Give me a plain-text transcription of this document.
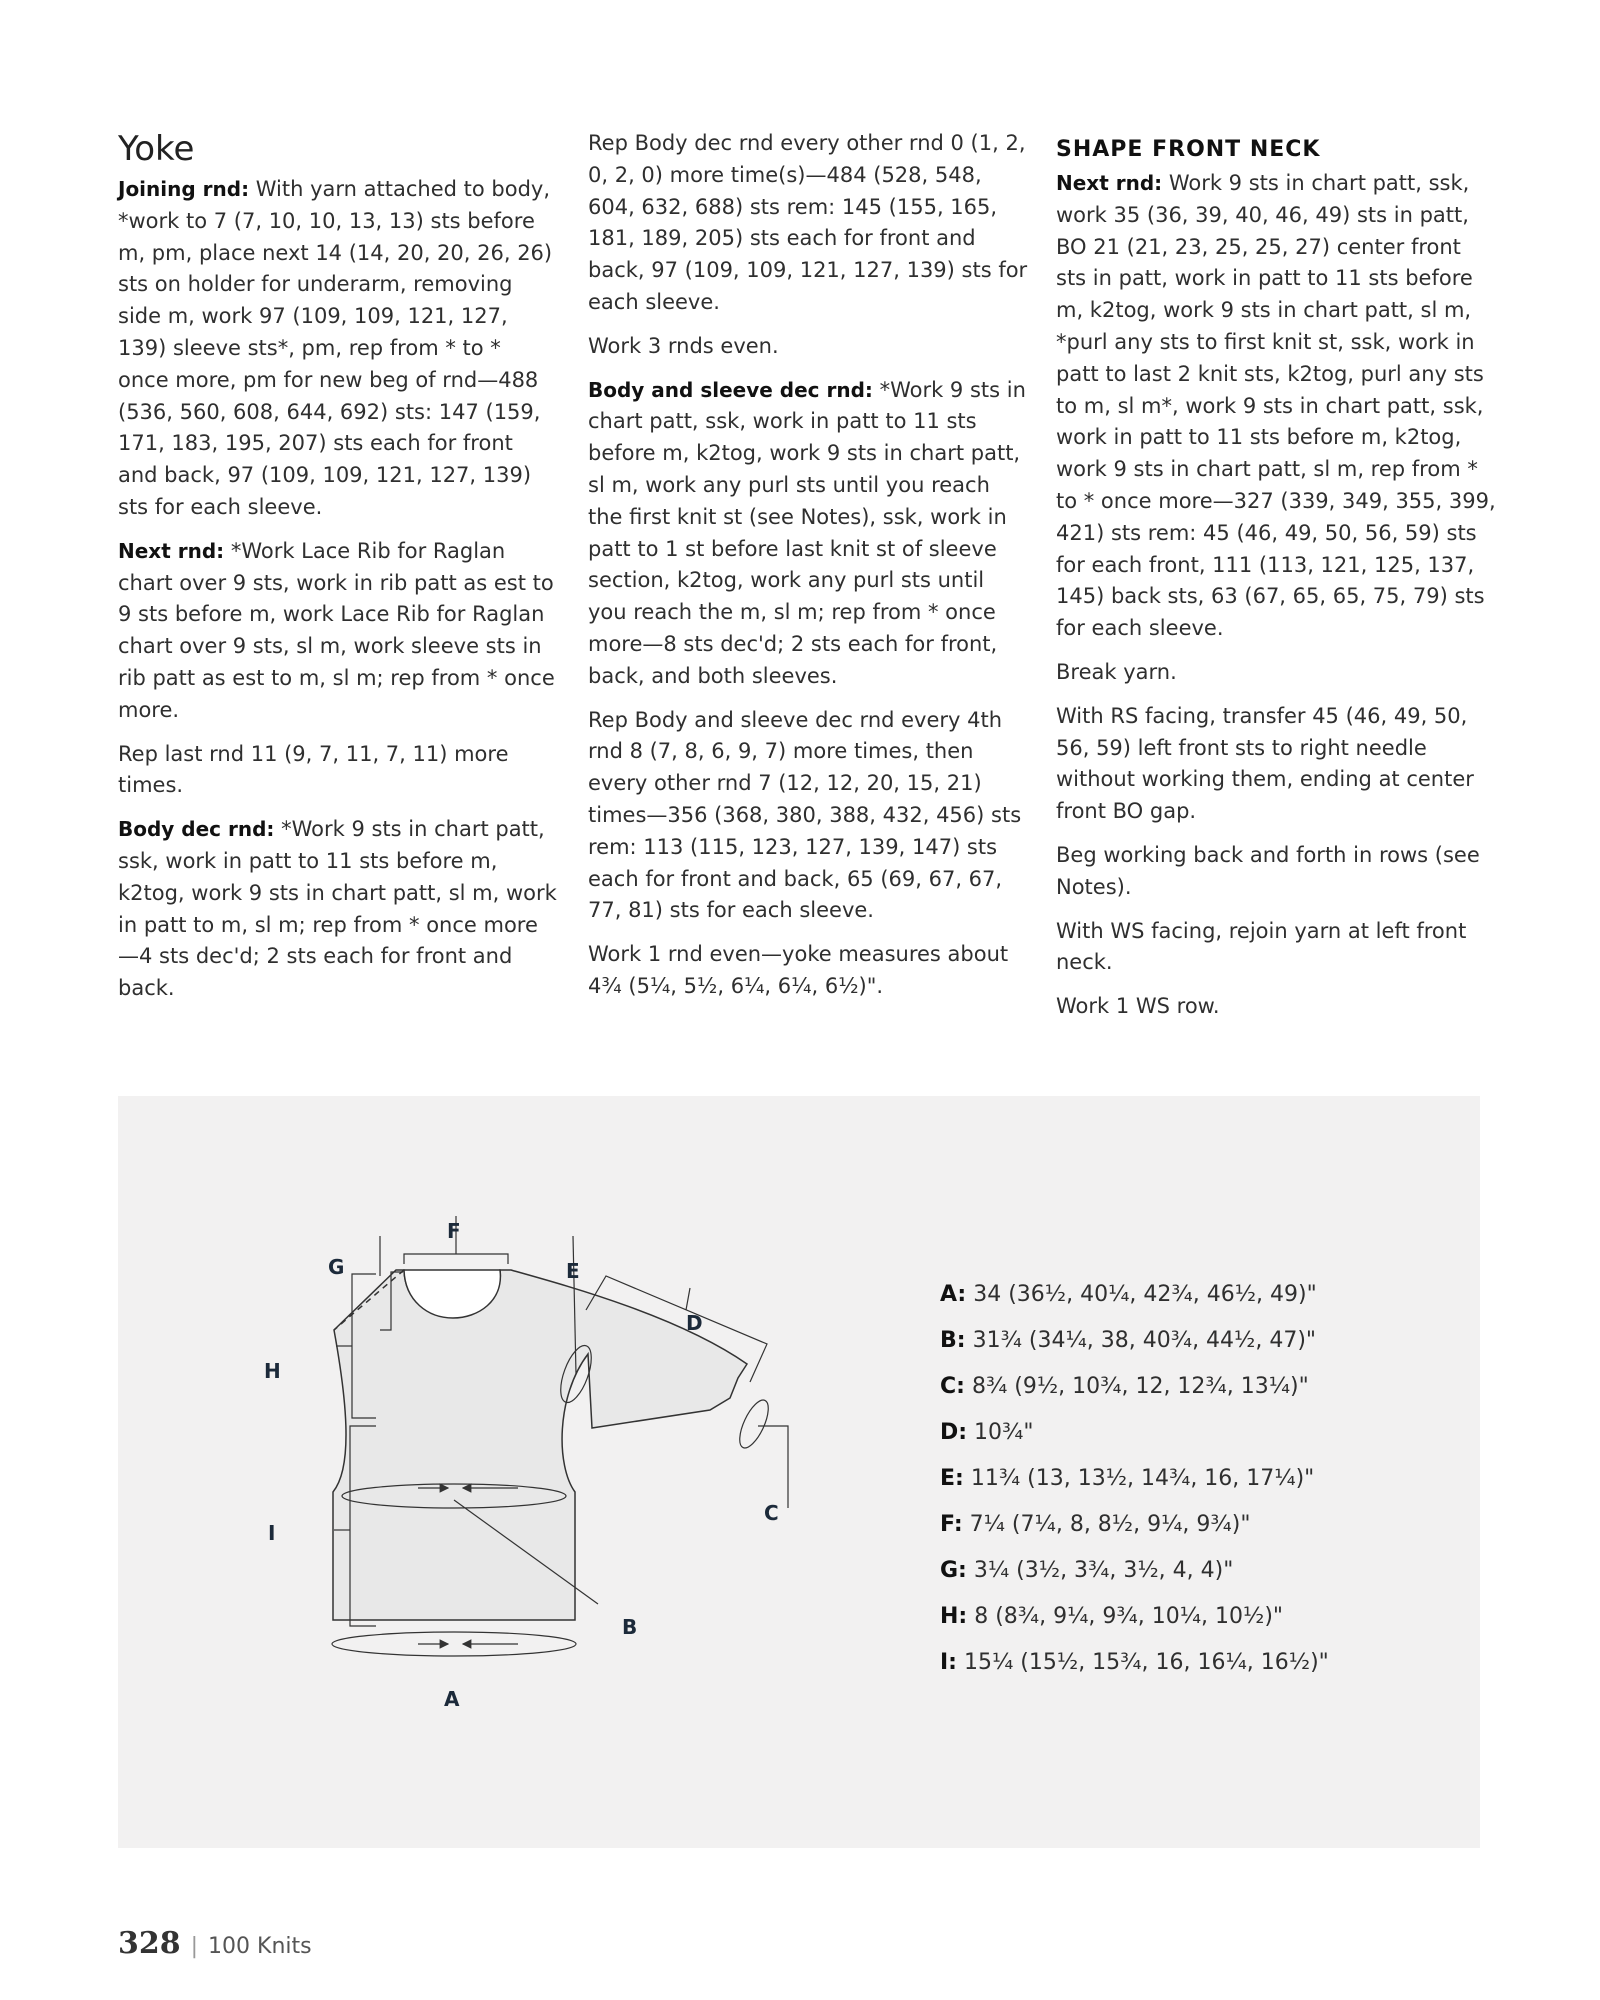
Yoke

Joining rnd: With yarn attached to body, *work to 7 (7, 10, 10, 13, 13) sts before m, pm, place next 14 (14, 20, 20, 26, 26) sts on holder for underarm, removing side m, work 97 (109, 109, 121, 127, 139) sleeve sts*, pm, rep from * to * once more, pm for new beg of rnd—488 (536, 560, 608, 644, 692) sts: 147 (159, 171, 183, 195, 207) sts each for front and back, 97 (109, 109, 121, 127, 139) sts for each sleeve.

Next rnd: *Work Lace Rib for Raglan chart over 9 sts, work in rib patt as est to 9 sts before m, work Lace Rib for Raglan chart over 9 sts, sl m, work sleeve sts in rib patt as est to m, sl m; rep from * once more.

Rep last rnd 11 (9, 7, 11, 7, 11) more times.

Body dec rnd: *Work 9 sts in chart patt, ssk, work in patt to 11 sts before m, k2tog, work 9 sts in chart patt, sl m, work in patt to m, sl m; rep from * once more—4 sts dec'd; 2 sts each for front and back.

Rep Body dec rnd every other rnd 0 (1, 2, 0, 2, 0) more time(s)—484 (528, 548, 604, 632, 688) sts rem: 145 (155, 165, 181, 189, 205) sts each for front and back, 97 (109, 109, 121, 127, 139) sts for each sleeve.

Work 3 rnds even.

Body and sleeve dec rnd: *Work 9 sts in chart patt, ssk, work in patt to 11 sts before m, k2tog, work 9 sts in chart patt, sl m, work any purl sts until you reach the first knit st (see Notes), ssk, work in patt to 1 st before last knit st of sleeve section, k2tog, work any purl sts until you reach the m, sl m; rep from * once more—8 sts dec'd; 2 sts each for front, back, and both sleeves.

Rep Body and sleeve dec rnd every 4th rnd 8 (7, 8, 6, 9, 7) more times, then every other rnd 7 (12, 12, 20, 15, 21) times—356 (368, 380, 388, 432, 456) sts rem: 113 (115, 123, 127, 139, 147) sts each for front and back, 65 (69, 67, 67, 77, 81) sts for each sleeve.

Work 1 rnd even—yoke measures about 4¾ (5¼, 5½, 6¼, 6¼, 6½)".

SHAPE FRONT NECK

Next rnd: Work 9 sts in chart patt, ssk, work 35 (36, 39, 40, 46, 49) sts in patt, BO 21 (21, 23, 25, 25, 27) center front sts in patt, work in patt to 11 sts before m, k2tog, work 9 sts in chart patt, sl m, *purl any sts to first knit st, ssk, work in patt to last 2 knit sts, k2tog, purl any sts to m, sl m*, work 9 sts in chart patt, ssk, work in patt to 11 sts before m, k2tog, work 9 sts in chart patt, sl m, rep from * to * once more—327 (339, 349, 355, 399, 421) sts rem: 45 (46, 49, 50, 56, 59) sts for each front, 111 (113, 121, 125, 137, 145) back sts, 63 (67, 65, 65, 75, 79) sts for each sleeve.

Break yarn.

With RS facing, transfer 45 (46, 49, 50, 56, 59) left front sts to right needle without working them, ending at center front BO gap.

Beg working back and forth in rows (see Notes).

With WS facing, rejoin yarn at left front neck.

Work 1 WS row.

F
G	E
D
H
I
C
B
A
A: 34 (36½, 40¼, 42¾, 46½, 49)"
B: 31¾ (34¼, 38, 40¾, 44½, 47)"
C: 8¾ (9½, 10¾, 12, 12¾, 13¼)"
D: 10¾"
E: 11¾ (13, 13½, 14¾, 16, 17¼)"
F: 7¼ (7¼, 8, 8½, 9¼, 9¾)"
G: 3¼ (3½, 3¾, 3½, 4, 4)"
H: 8 (8¾, 9¼, 9¾, 10¼, 10½)"
I: 15¼ (15½, 15¾, 16, 16¼, 16½)"
328 | 100 Knits
